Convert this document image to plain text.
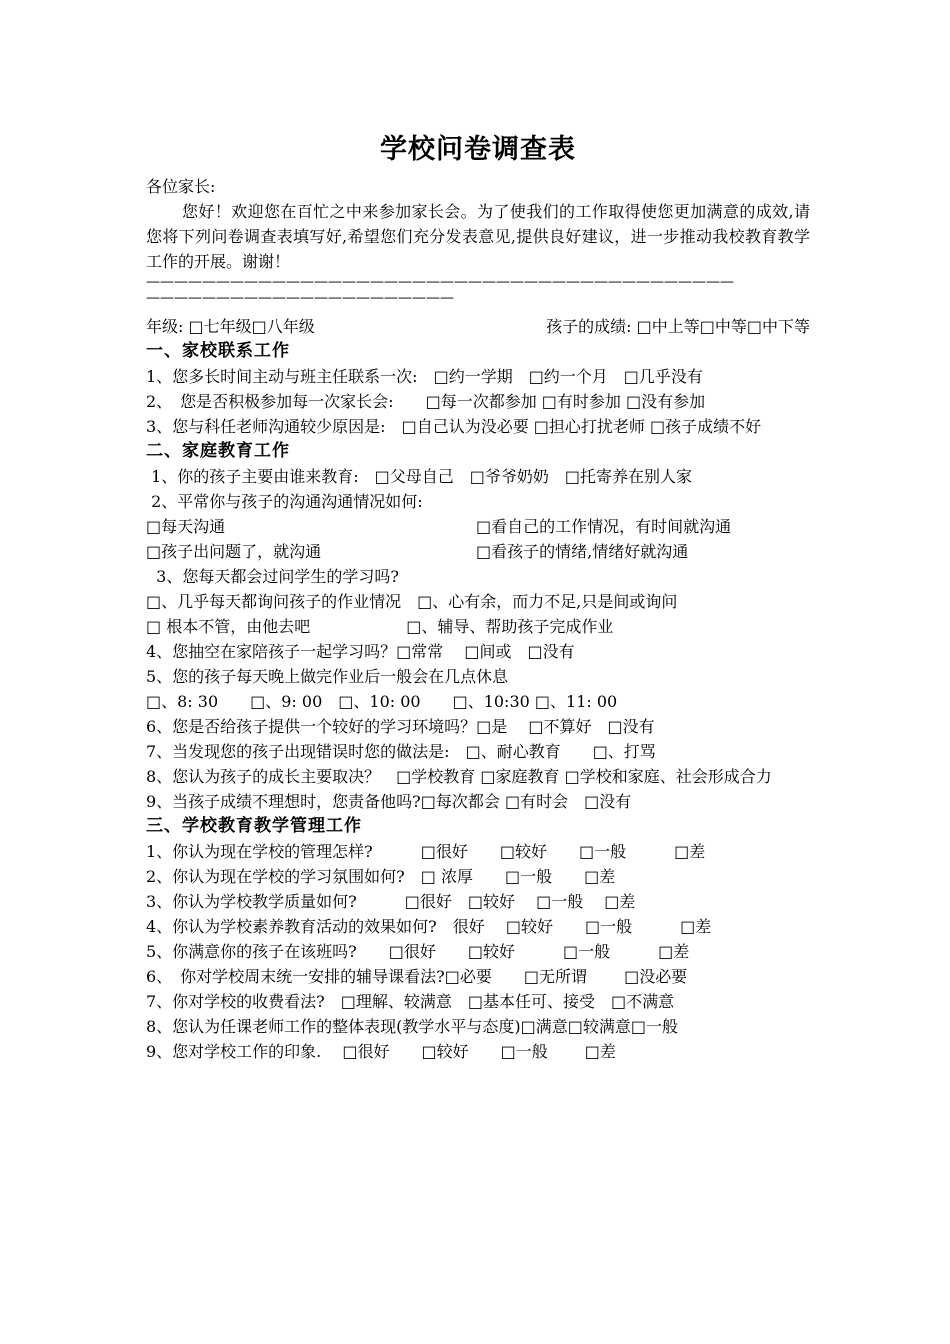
学校问卷调查表
各位家长:
您好！欢迎您在百忙之中来参加家长会。为了使我们的工作取得使您更加满意的成效,请您将下列问卷调查表填写好,希望您们充分发表意见,提供良好建议，进一步推动我校教育教学工作的开展。谢谢！
——————————————————————————————————————————
——————————————————————
年级: □七年级□八年级	孩子的成绩: □中上等□中等□中下等
一、家校联系工作
1、您多长时间主动与班主任联系一次:　□约一学期　□约一个月　□几乎没有
2、　您是否积极参加每一次家长会:　　□每一次都参加 □有时参加 □没有参加
3、您与科任老师沟通较少原因是:　□自己认为没必要 □担心打扰老师 □孩子成绩不好
二、家庭教育工作
1、你的孩子主要由谁来教育:　□父母自己　□爷爷奶奶　□托寄养在别人家
2、平常你与孩子的沟通沟通情况如何:
□每天沟通	□看自己的工作情况，有时间就沟通
□孩子出问题了，就沟通	□看孩子的情绪,情绪好就沟通
3、您每天都会过问学生的学习吗?
□、几乎每天都询问孩子的作业情况　□、心有余，而力不足,只是间或询问
□ 根本不管，由他去吧　　　　　　□、辅导、帮助孩子完成作业
4、您抽空在家陪孩子一起学习吗？□常常　 □间或　□没有
5、您的孩子每天晚上做完作业后一般会在几点休息
□、8: 30　　□、9: 00　□、10: 00　　□、10:30 □、11: 00
6、您是否给孩子提供一个较好的学习环境吗？□是　 □不算好　□没有
7、当发现您的孩子出现错误时您的做法是:　□、耐心教育　　□、打骂
8、您认为孩子的成长主要取决？　□学校教育 □家庭教育 □学校和家庭、社会形成合力
9、当孩子成绩不理想时，您责备他吗?□每次都会 □有时会　□没有
三、学校教育教学管理工作
1、你认为现在学校的管理怎样?　　　□很好　　□较好　　□一般　　　□差
2、你认为现在学校的学习氛围如何?　□ 浓厚　　□一般　　□差
3、你认为学校教学质量如何?　　　□很好　□较好　 □一般　 □差
4、你认为学校素养教育活动的效果如何?　很好　 □较好　　□一般　　　□差
5、你满意你的孩子在该班吗?　　□很好　　□较好　　　□一般　　　□差
6、　你对学校周末统一安排的辅导课看法?□必要　　□无所谓　　 □没必要
7、你对学校的收费看法?　□理解、较满意　□基本任可、接受　□不满意
8、您认为任课老师工作的整体表现(教学水平与态度)□满意□较满意□一般
9、您对学校工作的印象.　 □很好　　□较好　　□一般　　 □差
